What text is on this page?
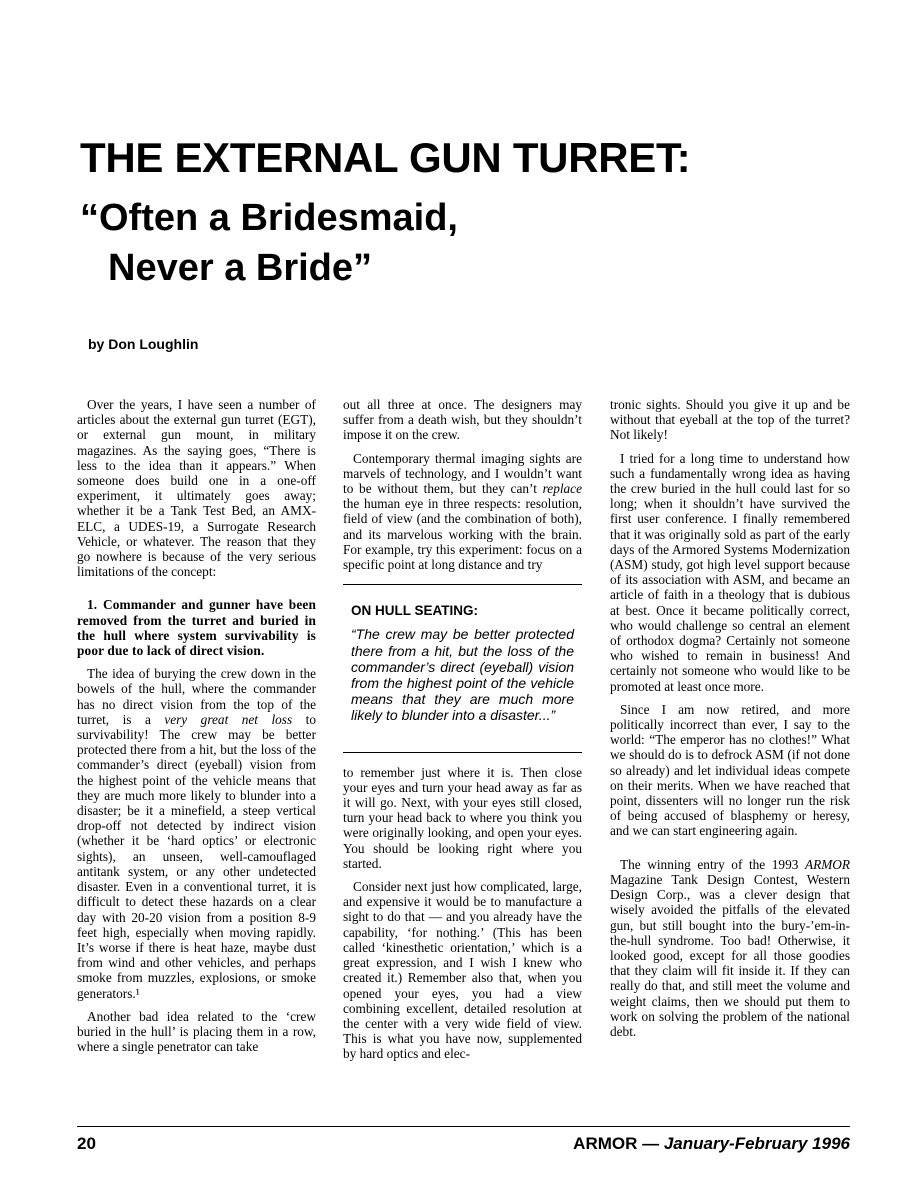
THE EXTERNAL GUN TURRET:
“Often a Bridesmaid,
Never a Bride”

by Don Loughlin

Over the years, I have seen a number of articles about the external gun turret (EGT), or external gun mount, in military magazines. As the saying goes, “There is less to the idea than it appears.” When someone does build one in a one-off experiment, it ultimately goes away; whether it be a Tank Test Bed, an AMX-ELC, a UDES-19, a Surrogate Research Vehicle, or whatever. The reason that they go nowhere is because of the very serious limitations of the concept:

1. Commander and gunner have been removed from the turret and buried in the hull where system survivability is poor due to lack of direct vision.

The idea of burying the crew down in the bowels of the hull, where the commander has no direct vision from the top of the turret, is a very great net loss to survivability! The crew may be better protected there from a hit, but the loss of the commander’s direct (eyeball) vision from the highest point of the vehicle means that they are much more likely to blunder into a disaster; be it a minefield, a steep vertical drop-off not detected by indirect vision (whether it be ‘hard optics’ or electronic sights), an unseen, well-camouflaged antitank system, or any other undetected disaster. Even in a conventional turret, it is difficult to detect these hazards on a clear day with 20-20 vision from a position 8-9 feet high, especially when moving rapidly. It’s worse if there is heat haze, maybe dust from wind and other vehicles, and perhaps smoke from muzzles, explosions, or smoke generators.¹

Another bad idea related to the ‘crew buried in the hull’ is placing them in a row, where a single penetrator can take

out all three at once. The designers may suffer from a death wish, but they shouldn’t impose it on the crew.

Contemporary thermal imaging sights are marvels of technology, and I wouldn’t want to be without them, but they can’t replace the human eye in three respects: resolution, field of view (and the combination of both), and its marvelous working with the brain. For example, try this experiment: focus on a specific point at long distance and try

ON HULL SEATING:

“The crew may be better protected there from a hit, but the loss of the commander’s direct (eyeball) vision from the highest point of the vehicle means that they are much more likely to blunder into a disaster...”

to remember just where it is. Then close your eyes and turn your head away as far as it will go. Next, with your eyes still closed, turn your head back to where you think you were originally looking, and open your eyes. You should be looking right where you started.

Consider next just how complicated, large, and expensive it would be to manufacture a sight to do that — and you already have the capability, ‘for nothing.’ (This has been called ‘kinesthetic orientation,’ which is a great expression, and I wish I knew who created it.) Remember also that, when you opened your eyes, you had a view combining excellent, detailed resolution at the center with a very wide field of view. This is what you have now, supplemented by hard optics and elec-

tronic sights. Should you give it up and be without that eyeball at the top of the turret? Not likely!

I tried for a long time to understand how such a fundamentally wrong idea as having the crew buried in the hull could last for so long; when it shouldn’t have survived the first user conference. I finally remembered that it was originally sold as part of the early days of the Armored Systems Modernization (ASM) study, got high level support because of its association with ASM, and became an article of faith in a theology that is dubious at best. Once it became politically correct, who would challenge so central an element of orthodox dogma? Certainly not someone who wished to remain in business! And certainly not someone who would like to be promoted at least once more.

Since I am now retired, and more politically incorrect than ever, I say to the world: “The emperor has no clothes!” What we should do is to defrock ASM (if not done so already) and let individual ideas compete on their merits. When we have reached that point, dissenters will no longer run the risk of being accused of blasphemy or heresy, and we can start engineering again.

The winning entry of the 1993 ARMOR Magazine Tank Design Contest, Western Design Corp., was a clever design that wisely avoided the pitfalls of the elevated gun, but still bought into the bury-’em-in-the-hull syndrome. Too bad! Otherwise, it looked good, except for all those goodies that they claim will fit inside it. If they can really do that, and still meet the volume and weight claims, then we should put them to work on solving the problem of the national debt.

20	ARMOR — January-February 1996
